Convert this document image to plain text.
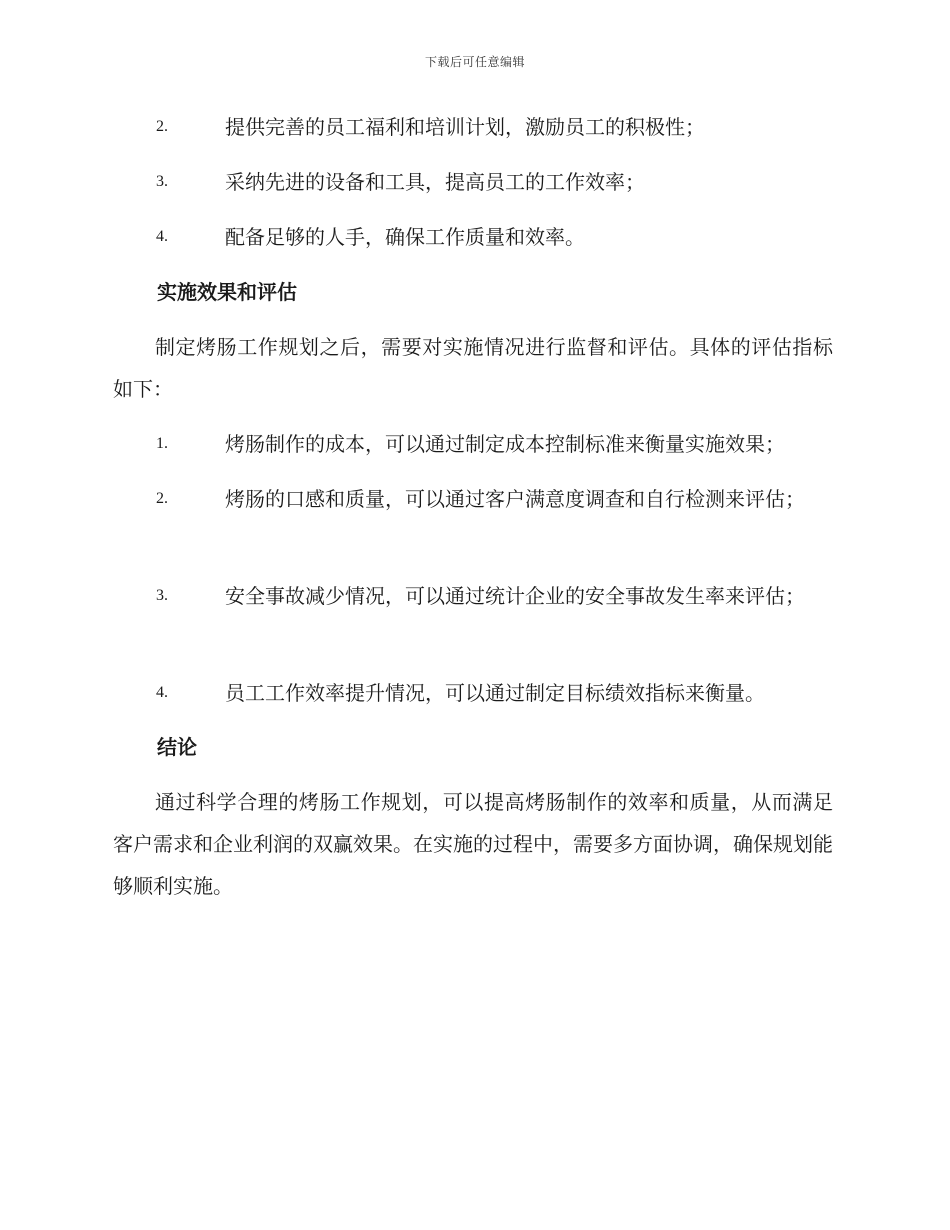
下载后可任意编辑
2.	提供完善的员工福利和培训计划，激励员工的积极性；
3.	采纳先进的设备和工具，提高员工的工作效率；
4.	配备足够的人手，确保工作质量和效率。
实施效果和评估
制定烤肠工作规划之后，需要对实施情况进行监督和评估。具体的评估指标如下：
1.	烤肠制作的成本，可以通过制定成本控制标准来衡量实施效果；
2.	烤肠的口感和质量，可以通过客户满意度调查和自行检测来评估；
3.	安全事故减少情况，可以通过统计企业的安全事故发生率来评估；
4.	员工工作效率提升情况，可以通过制定目标绩效指标来衡量。
结论
通过科学合理的烤肠工作规划，可以提高烤肠制作的效率和质量，从而满足客户需求和企业利润的双赢效果。在实施的过程中，需要多方面协调，确保规划能够顺利实施。
